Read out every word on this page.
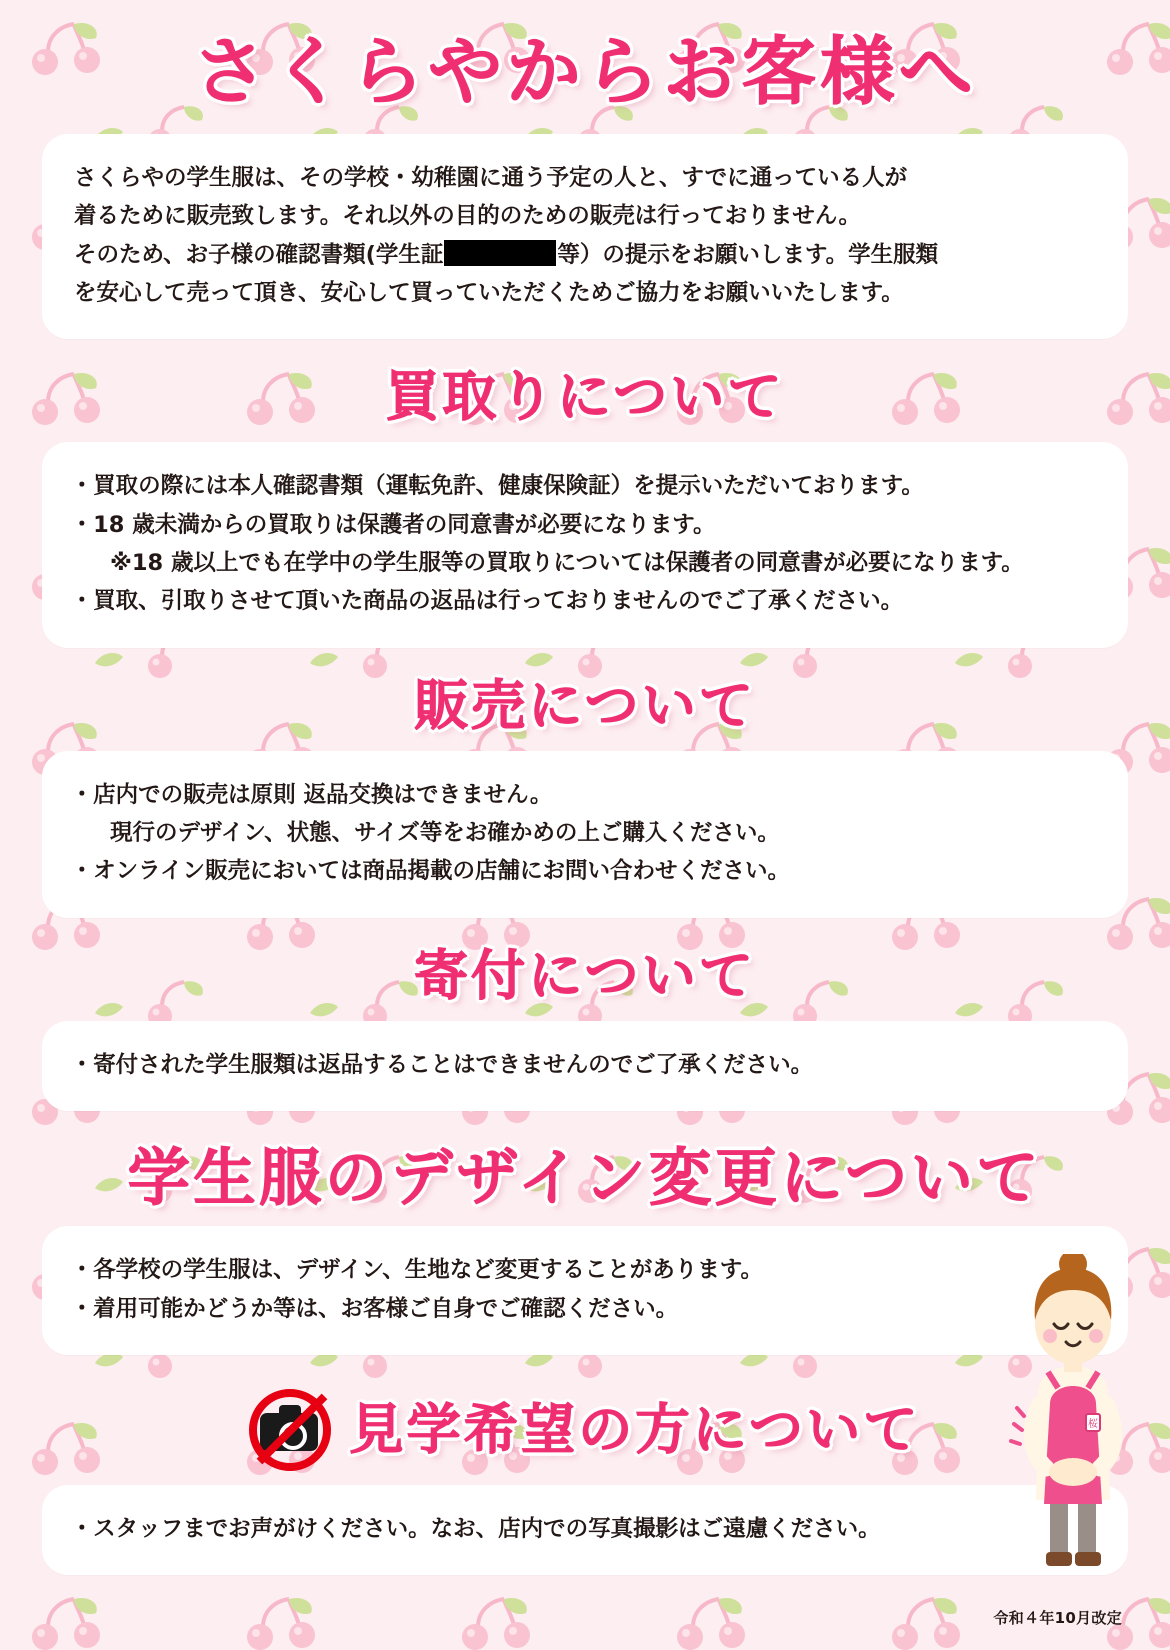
さくらやからお客様へ

さくらやの学生服は、その学校・幼稚園に通う予定の人と、すでに通っている人が

着るために販売致します。それ以外の目的のための販売は行っておりません。

そのため、お子様の確認書類(学生証	等）の提示をお願いします。学生服類

を安心して売って頂き、安心して買っていただくためご協力をお願いいたします。

買取りについて

・ 買取の際には本人確認書類（運転免許、健康保険証）を提示いただいております。

・ 18 歳未満からの買取りは保護者の同意書が必要になります。

※18 歳以上でも在学中の学生服等の買取りについては保護者の同意書が必要になります。

・ 買取、引取りさせて頂いた商品の返品は行っておりませんのでご了承ください。

販売について

・ 店内での販売は原則 返品交換はできません。

現行のデザイン、状態、サイズ等をお確かめの上ご購入ください。

・ オンライン販売においては商品掲載の店舗にお問い合わせください。

寄付について

・ 寄付された学生服類は返品することはできませんのでご了承ください。

学生服のデザイン変更について

・ 各学校の学生服は、デザイン、生地など変更することがあります。

・ 着用可能かどうか等は、お客様ご自身でご確認ください。

見学希望の方について

・ スタッフまでお声がけください。なお、店内での写真撮影はご遠慮ください。

桜
令和４年10月改定
